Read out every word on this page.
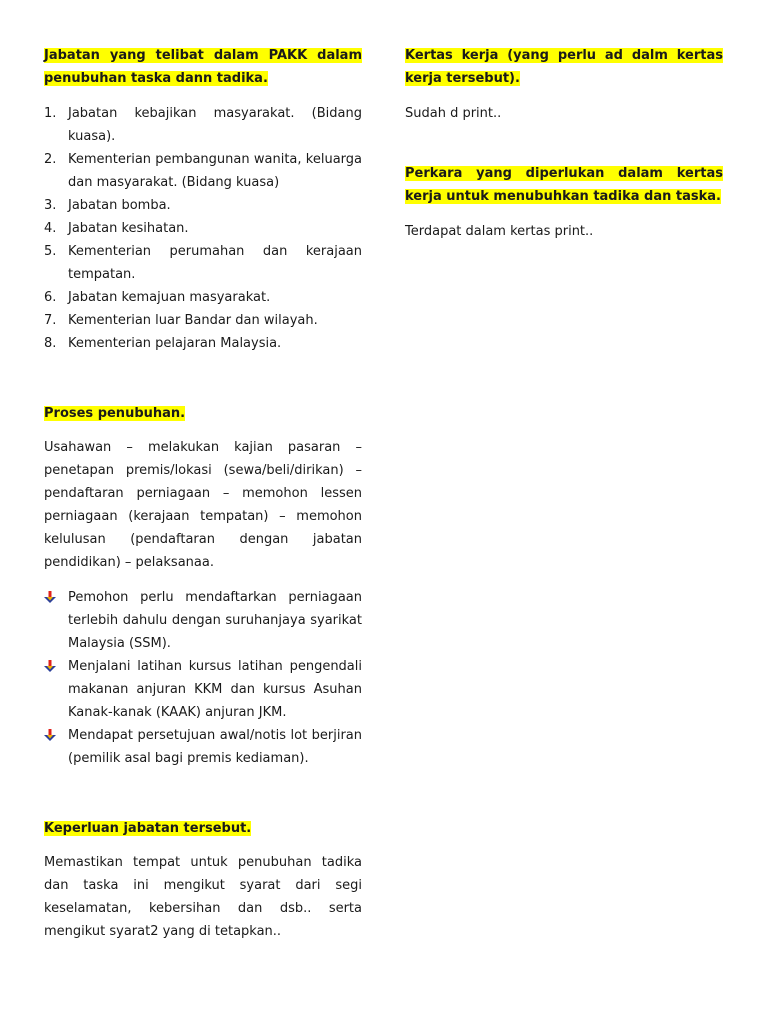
Jabatan yang telibat dalam PAKK dalam penubuhan taska dann tadika.

1. Jabatan kebajikan masyarakat. (Bidang kuasa).
2. Kementerian pembangunan wanita, keluarga dan masyarakat. (Bidang kuasa)
3. Jabatan bomba.
4. Jabatan kesihatan.
5. Kementerian perumahan dan kerajaan tempatan.
6. Jabatan kemajuan masyarakat.
7. Kementerian luar Bandar dan wilayah.
8. Kementerian pelajaran Malaysia.

Proses penubuhan.

Usahawan – melakukan kajian pasaran – penetapan premis/lokasi (sewa/beli/dirikan) – pendaftaran perniagaan – memohon lessen perniagaan (kerajaan tempatan) – memohon kelulusan (pendaftaran dengan jabatan pendidikan) – pelaksanaa.

Pemohon perlu mendaftarkan perniagaan terlebih dahulu dengan suruhanjaya syarikat Malaysia (SSM).
Menjalani latihan kursus latihan pengendali makanan anjuran KKM dan kursus Asuhan Kanak-kanak (KAAK) anjuran JKM.
Mendapat persetujuan awal/notis lot berjiran (pemilik asal bagi premis kediaman).

Keperluan jabatan tersebut.

Memastikan tempat untuk penubuhan tadika dan taska ini mengikut syarat dari segi keselamatan, kebersihan dan dsb.. serta mengikut syarat2 yang di tetapkan..

Kertas kerja (yang perlu ad dalm kertas kerja tersebut).

Sudah d print..

Perkara yang diperlukan dalam kertas kerja untuk menubuhkan tadika dan taska.

Terdapat dalam kertas print..
